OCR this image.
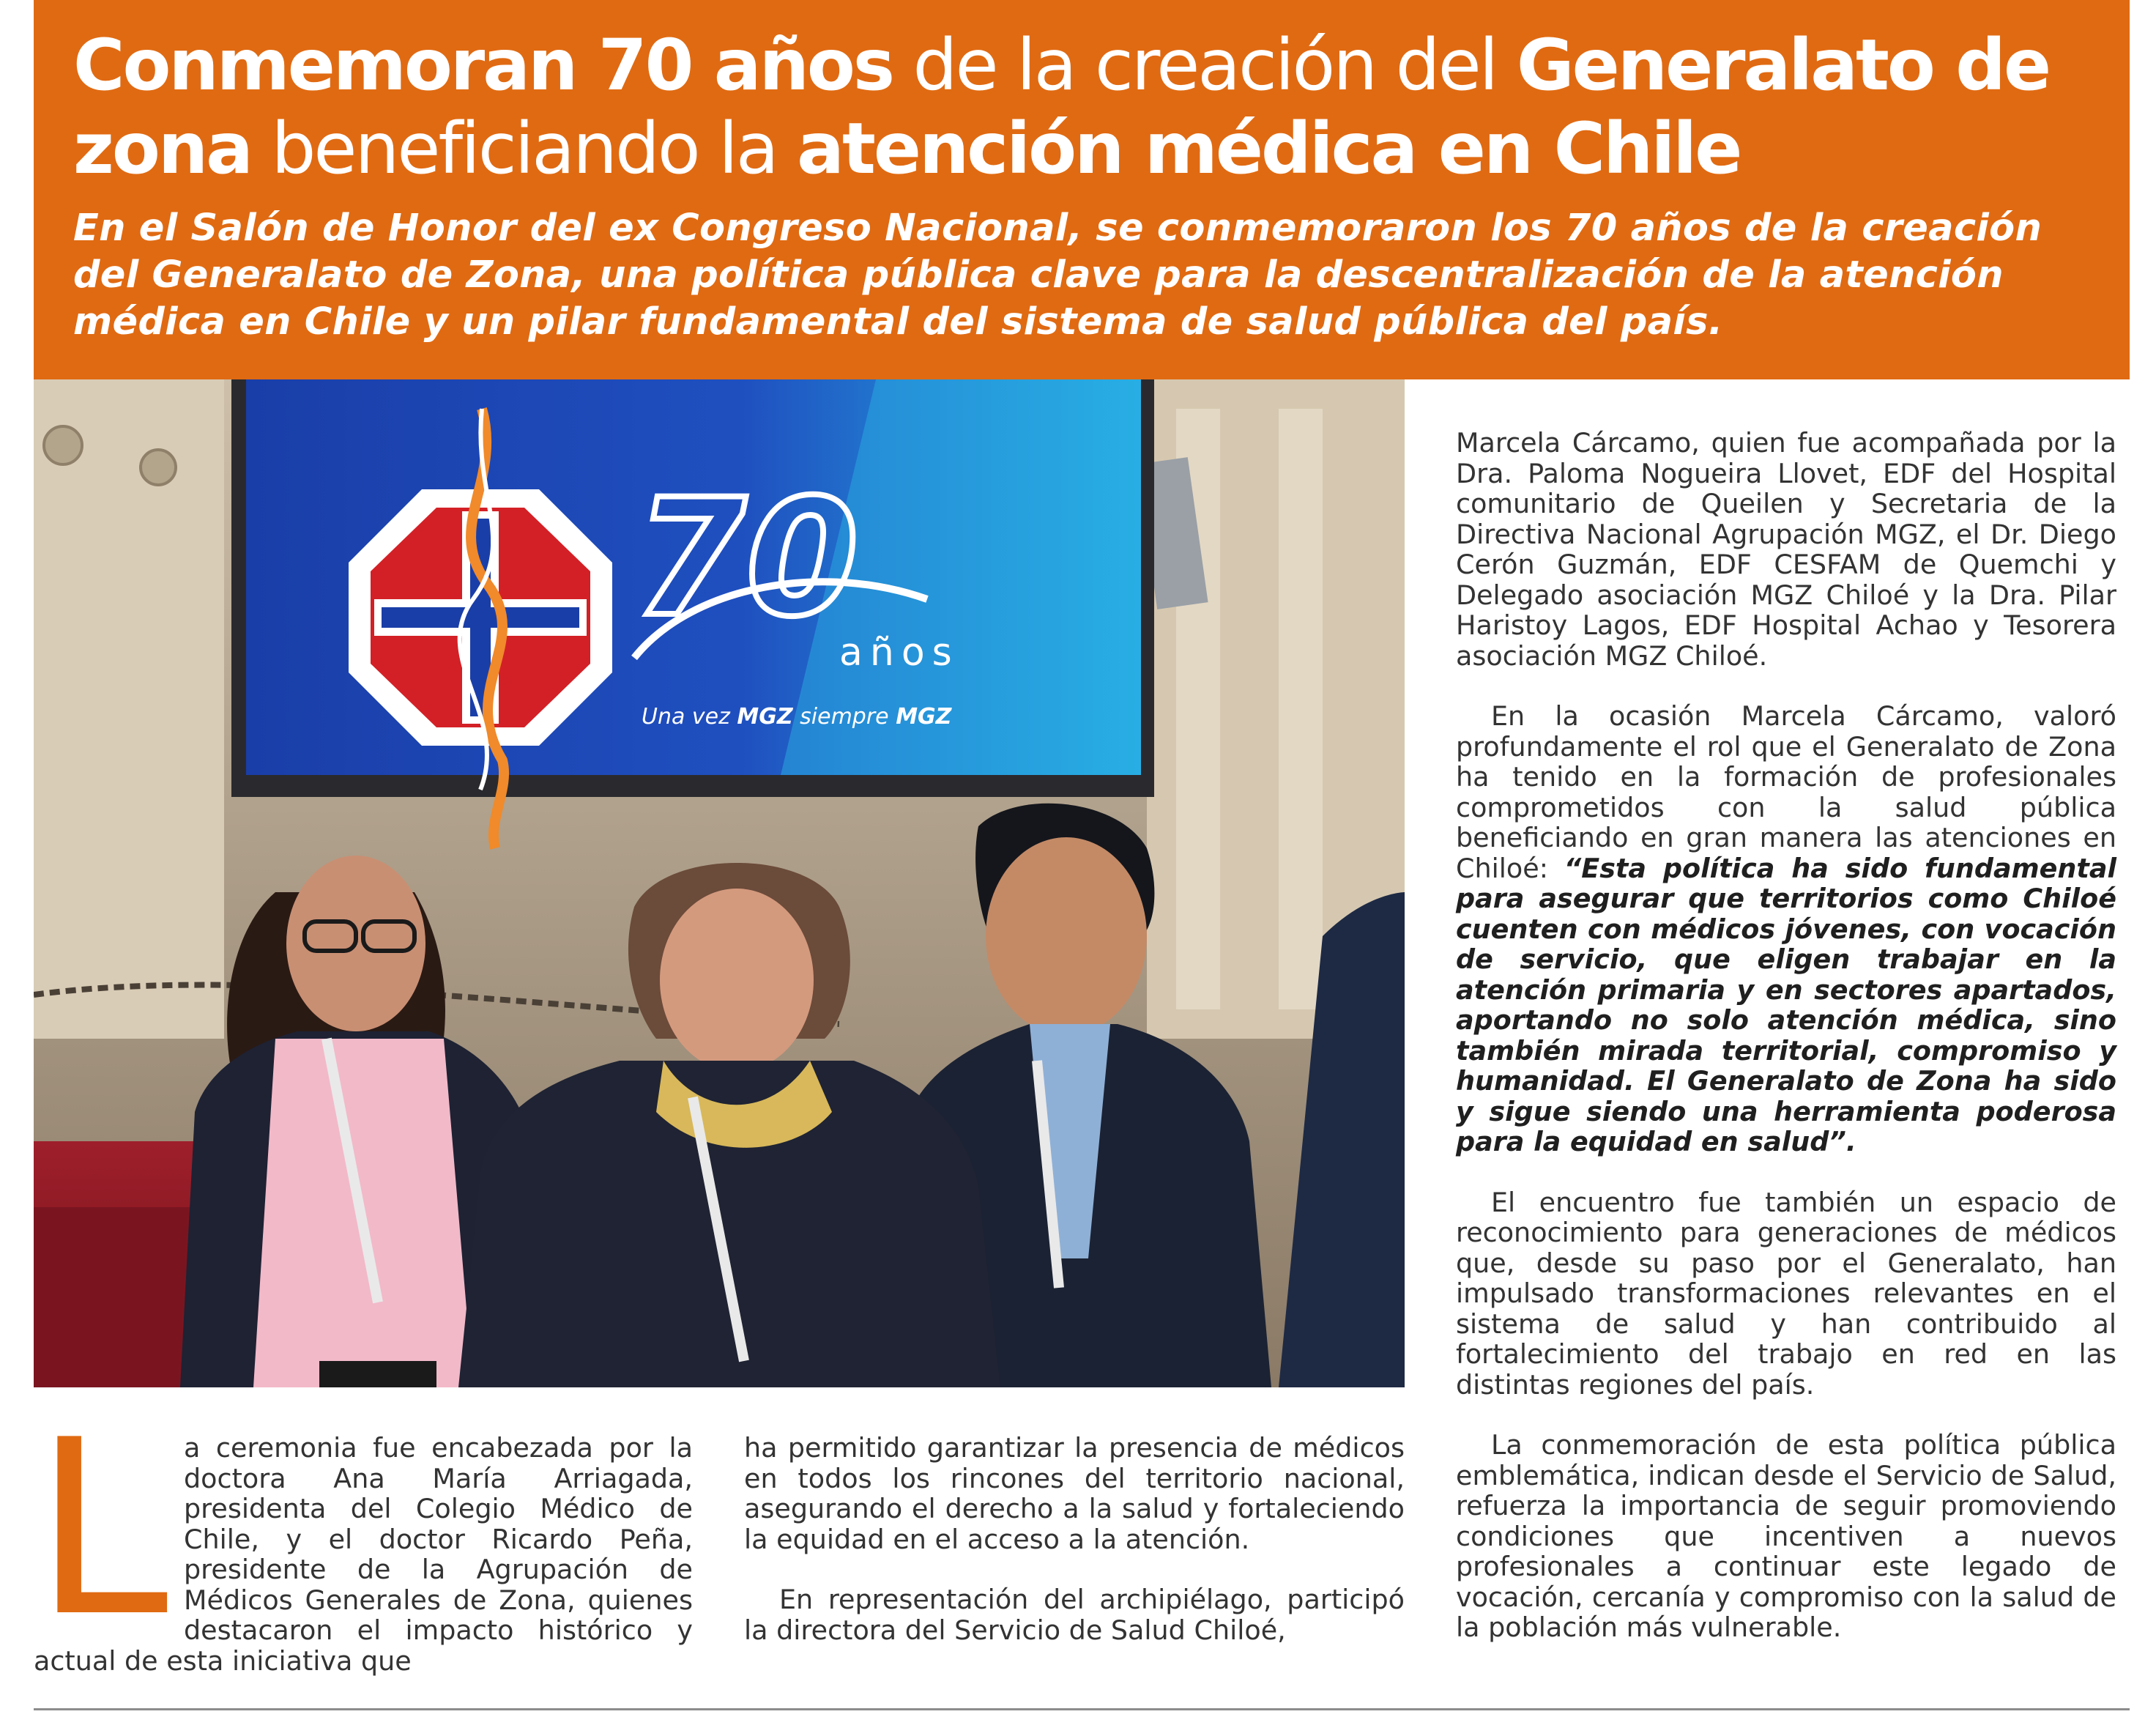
Conmemoran 70 años de la creación del Generalato de zona beneficiando la atención médica en Chile

En el Salón de Honor del ex Congreso Nacional, se conmemoraron los 70 años de la creación del Generalato de Zona, una política pública clave para la descentralización de la atención médica en Chile y un pilar fundamental del sistema de salud pública del país.

70
años
Una vez MGZ siempre MGZ
L a ceremonia fue encabezada por la doctora Ana María Arriagada, presidenta del Colegio Médico de Chile, y el doctor Ricardo Peña, presidente de la Agrupación de Médicos Generales de Zona, quienes destacaron el impacto histórico y actual de esta iniciativa que

ha permitido garantizar la presencia de médicos en todos los rincones del territorio nacional, asegurando el derecho a la salud y fortaleciendo la equidad en el acceso a la atención.

En representación del archipiélago, participó la directora del Servicio de Salud Chiloé,

Marcela Cárcamo, quien fue acompañada por la Dra. Paloma Nogueira Llovet, EDF del Hospital comunitario de Queilen y Secretaria de la Directiva Nacional Agrupación MGZ, el Dr. Diego Cerón Guzmán, EDF CESFAM de Quemchi y Delegado asociación MGZ Chiloé y la Dra. Pilar Haristoy Lagos, EDF Hospital Achao y Tesorera asociación MGZ Chiloé.

En la ocasión Marcela Cárcamo, valoró profundamente el rol que el Generalato de Zona ha tenido en la formación de profesionales comprometidos con la salud pública beneficiando en gran manera las atenciones en Chiloé: “Esta política ha sido fundamental para asegurar que territorios como Chiloé cuenten con médicos jóvenes, con vocación de servicio, que eligen trabajar en la atención primaria y en sectores apartados, aportando no solo atención médica, sino también mirada territorial, compromiso y humanidad. El Generalato de Zona ha sido y sigue siendo una herramienta poderosa para la equidad en salud”.

El encuentro fue también un espacio de reconocimiento para generaciones de médicos que, desde su paso por el Generalato, han impulsado transformaciones relevantes en el sistema de salud y han contribuido al fortalecimiento del trabajo en red en las distintas regiones del país.

La conmemoración de esta política pública emblemática, indican desde el Servicio de Salud, refuerza la importancia de seguir promoviendo condiciones que incentiven a nuevos profesionales a continuar este legado de vocación, cercanía y compromiso con la salud de la población más vulnerable.
